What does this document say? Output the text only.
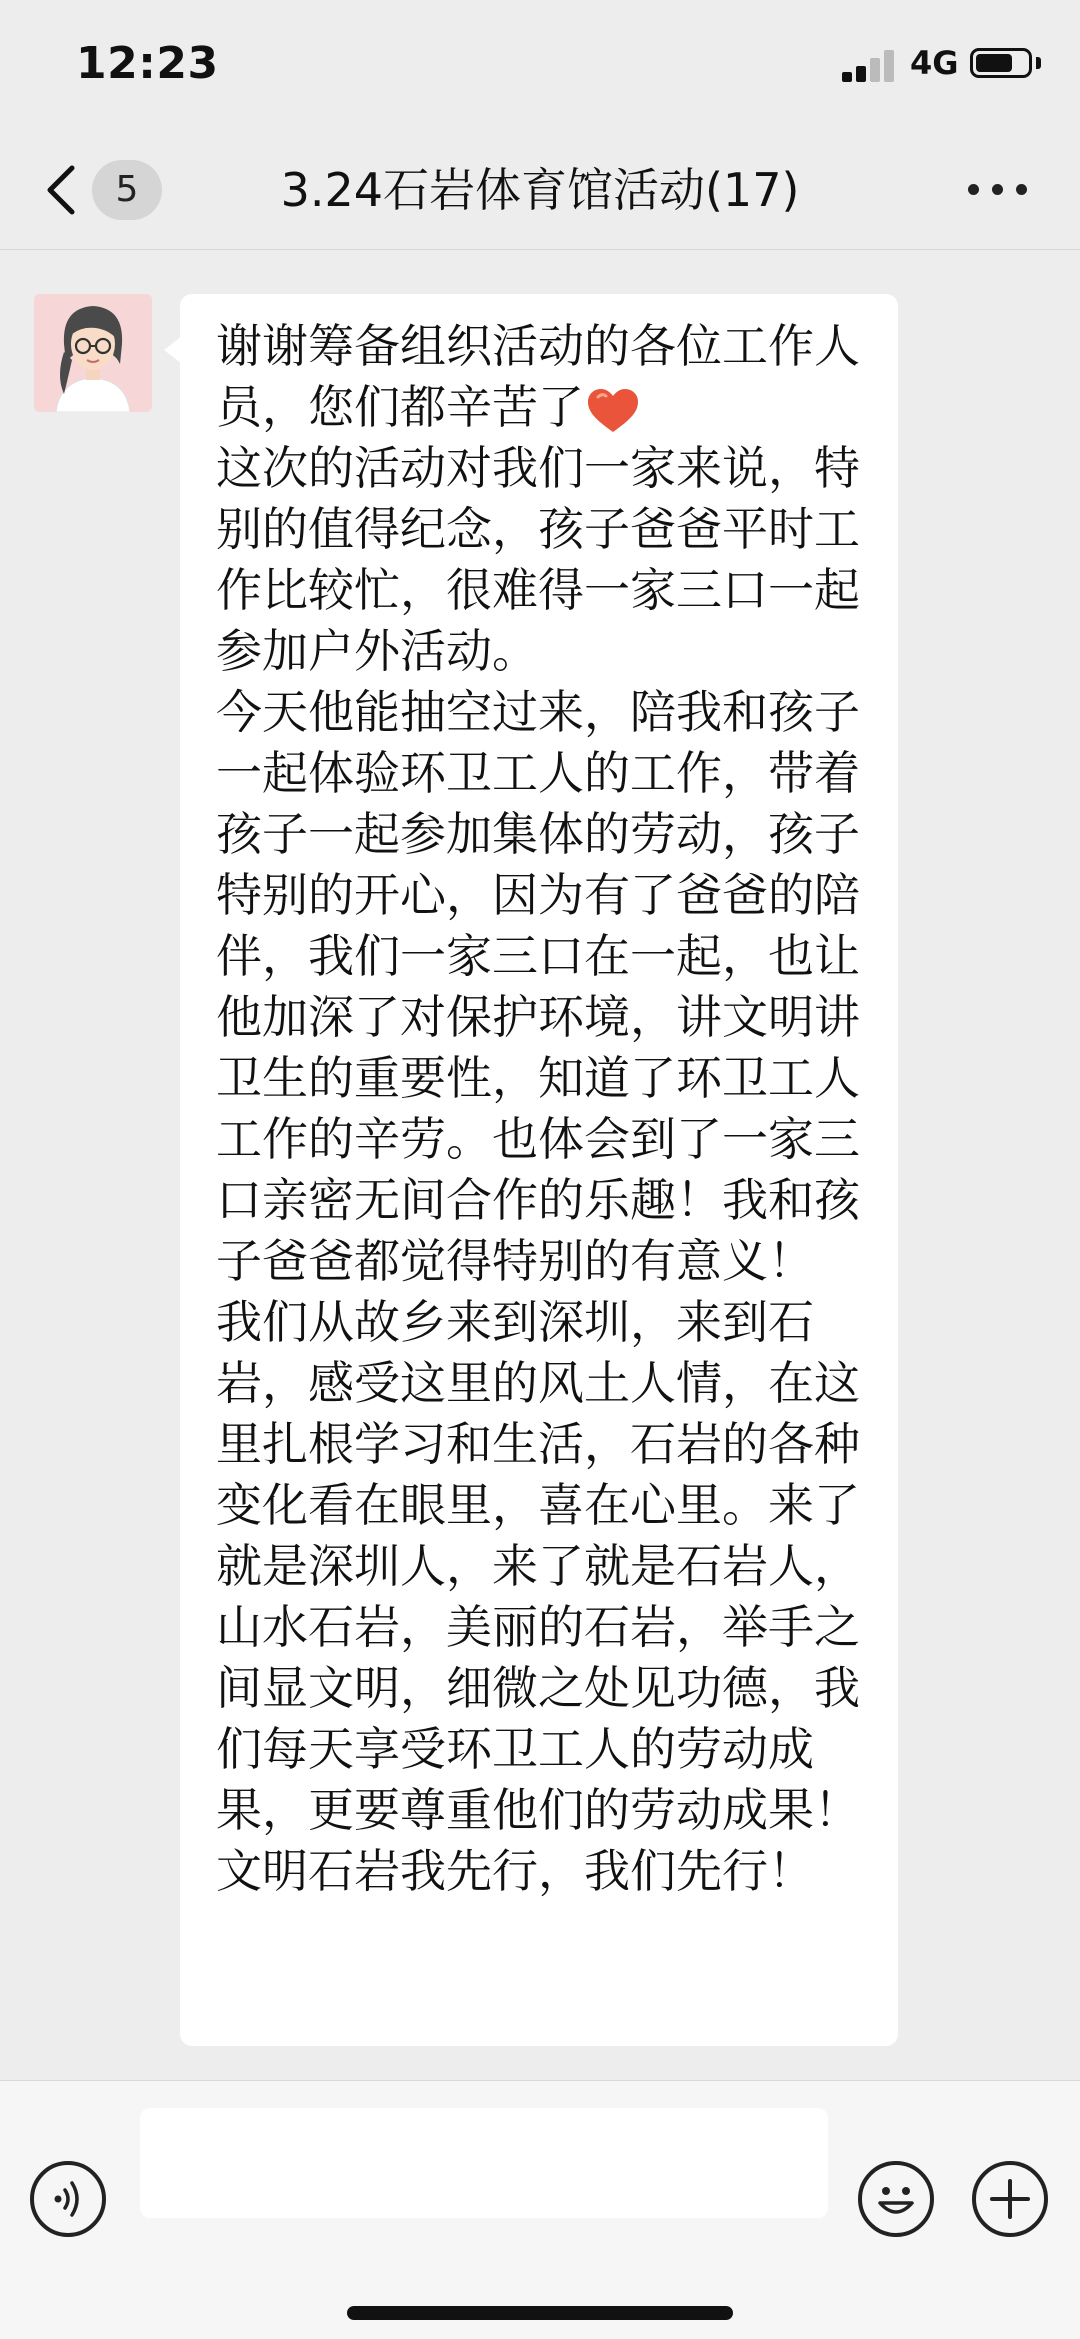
12:23	4G
5	3.24石岩体育馆活动(17)

谢谢筹备组织活动的各位工作人员，您们都辛苦了

这次的活动对我们一家来说，特别的值得纪念，孩子爸爸平时工作比较忙，很难得一家三口一起参加户外活动。

今天他能抽空过来，陪我和孩子一起体验环卫工人的工作，带着孩子一起参加集体的劳动，孩子特别的开心，因为有了爸爸的陪伴，我们一家三口在一起，也让他加深了对保护环境，讲文明讲卫生的重要性，知道了环卫工人工作的辛劳。也体会到了一家三口亲密无间合作的乐趣！我和孩子爸爸都觉得特别的有意义！

我们从故乡来到深圳，来到石岩，感受这里的风土人情，在这里扎根学习和生活，石岩的各种变化看在眼里，喜在心里。来了就是深圳人，来了就是石岩人，山水石岩，美丽的石岩，举手之间显文明，细微之处见功德，我们每天享受环卫工人的劳动成果，更要尊重他们的劳动成果！

文明石岩我先行，我们先行！
